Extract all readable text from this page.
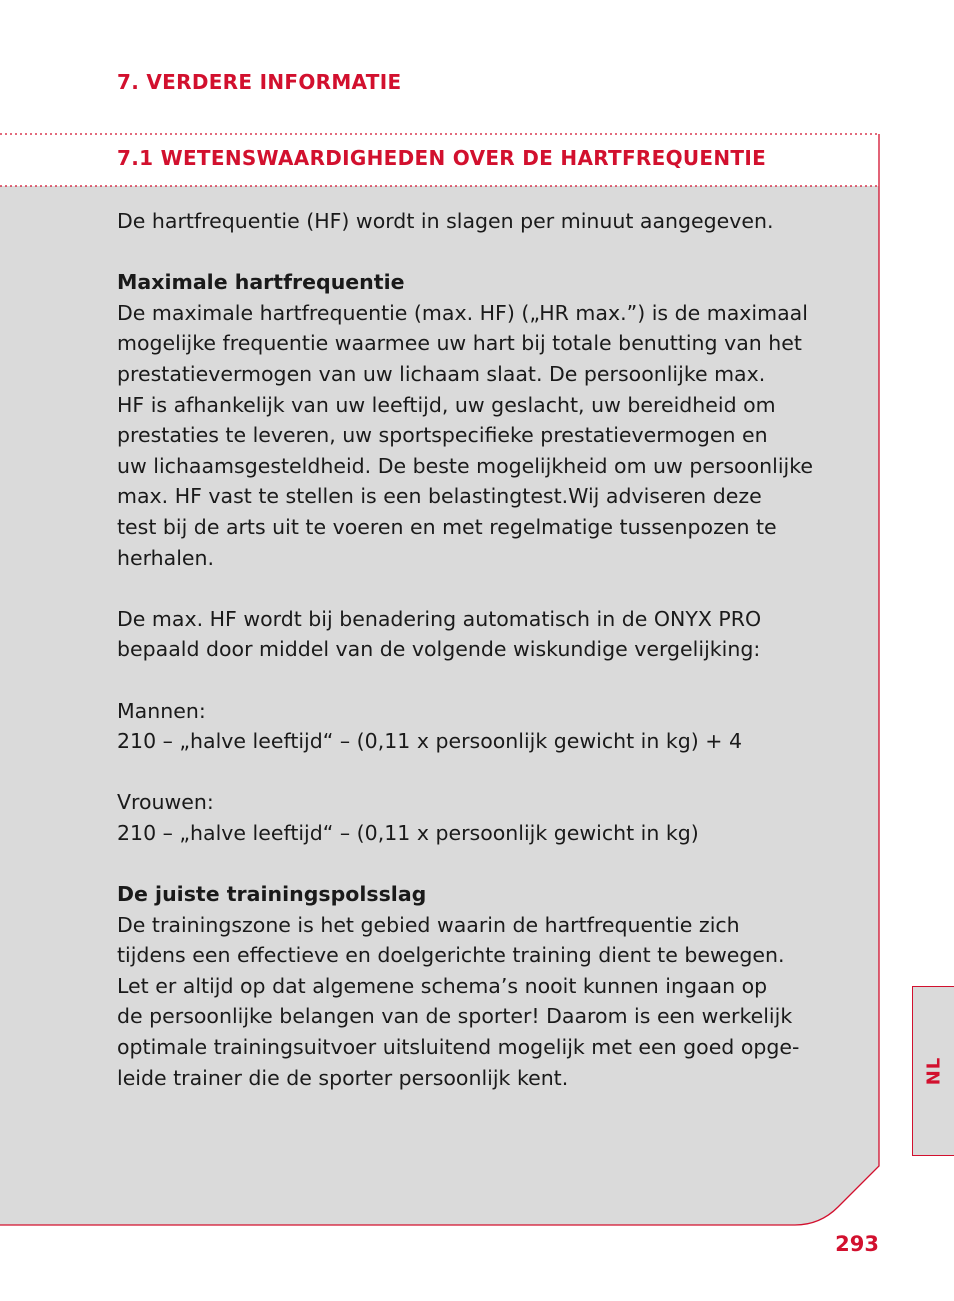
7. VERDERE INFORMATIE
7.1 WETENSWAARDIGHEDEN OVER DE HARTFREQUENTIE

De hartfrequentie (HF) wordt in slagen per minuut aangegeven.

Maximale hartfrequentie

De maximale hartfrequentie (max. HF) („HR max.”) is de maximaal

mogelijke frequentie waarmee uw hart bij totale benutting van het

prestatievermogen van uw lichaam slaat. De persoonlijke max.

HF is afhankelijk van uw leeftijd, uw geslacht, uw bereidheid om

prestaties te leveren, uw sportspecifieke prestatievermogen en

uw lichaamsgesteldheid. De beste mogelijkheid om uw persoonlijke

max. HF vast te stellen is een belastingtest.Wij adviseren deze

test bij de arts uit te voeren en met regelmatige tussenpozen te

herhalen.

De max. HF wordt bij benadering automatisch in de ONYX PRO

bepaald door middel van de volgende wiskundige vergelijking:

Mannen:

210 – „halve leeftijd“ – (0,11 x persoonlijk gewicht in kg) + 4

Vrouwen:

210 – „halve leeftijd“ – (0,11 x persoonlijk gewicht in kg)

De juiste trainingspolsslag

De trainingszone is het gebied waarin de hartfrequentie zich

tijdens een effectieve en doelgerichte training dient te bewegen.

Let er altijd op dat algemene schema’s nooit kunnen ingaan op

de persoonlijke belangen van de sporter! Daarom is een werkelijk

optimale trainingsuitvoer uitsluitend mogelijk met een goed opge-

leide trainer die de sporter persoonlijk kent.	NL
293
